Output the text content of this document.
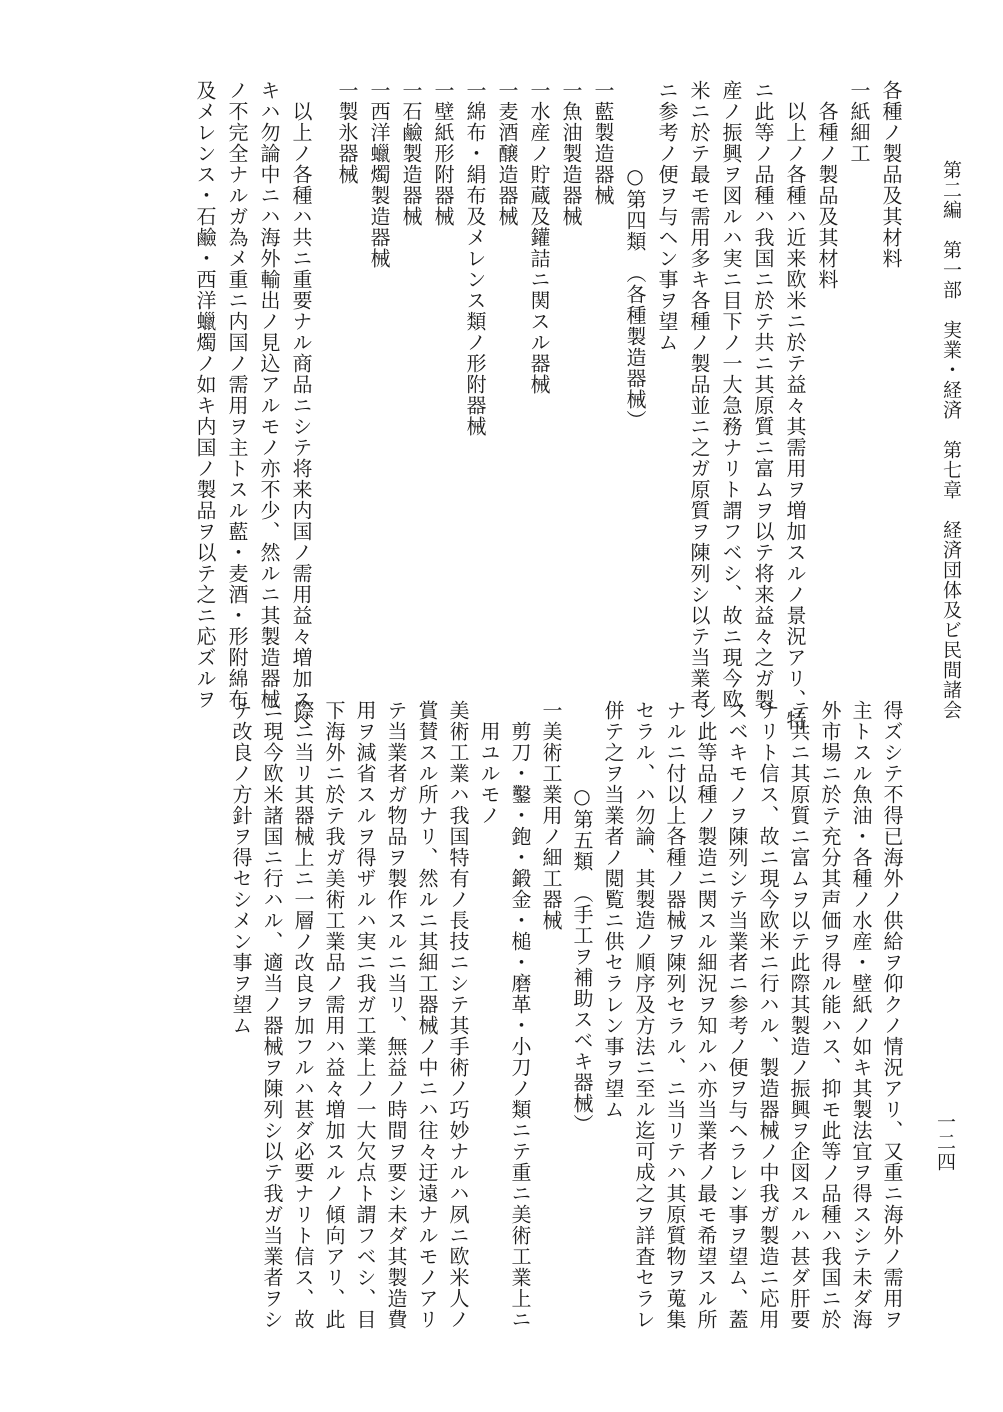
第二編　第一部　実業・経済　第七章　経済団体及ビ民間諸会

各種ノ製品及其材料
一紙細工
　各種ノ製品及其材料
　以上ノ各種ハ近来欧米ニ於テ益々其需用ヲ増加スルノ景況アリ、特
ニ此等ノ品種ハ我国ニ於テ共ニ其原質ニ富ムヲ以テ将来益々之ガ製
産ノ振興ヲ図ルハ実ニ目下ノ一大急務ナリト謂フベシ、故ニ現今欧
米ニ於テ最モ需用多キ各種ノ製品並ニ之ガ原質ヲ陳列シ以テ当業者
ニ参考ノ便ヲ与ヘン事ヲ望ム
　　　　○第四類　（各種製造器械）
一藍製造器械
一魚油製造器械
一水産ノ貯蔵及鑵詰ニ関スル器械
一麦酒醸造器械
一綿布・絹布及メレンス類ノ形附器械
一壁紙形附器械
一石鹼製造器械
一西洋蠟燭製造器械
一製氷器械
　以上ノ各種ハ共ニ重要ナル商品ニシテ将来内国ノ需用益々増加スベ
キハ勿論中ニハ海外輸出ノ見込アルモノ亦不少、然ルニ其製造器械
ノ不完全ナルガ為メ重ニ内国ノ需用ヲ主トスル藍・麦酒・形附綿布
及メレンス・石鹼・西洋蠟燭ノ如キ内国ノ製品ヲ以テ之ニ応ズルヲ
得ズシテ不得已海外ノ供給ヲ仰クノ情況アリ、又重ニ海外ノ需用ヲ
主トスル魚油・各種ノ水産・壁紙ノ如キ其製法宜ヲ得スシテ未ダ海
外市場ニ於テ充分其声価ヲ得ル能ハス、抑モ此等ノ品種ハ我国ニ於
テ共ニ其原質ニ富ムヲ以テ此際其製造ノ振興ヲ企図スルハ甚ダ肝要
ナリト信ス、故ニ現今欧米ニ行ハル、製造器械ノ中我ガ製造ニ応用
スベキモノヲ陳列シテ当業者ニ参考ノ便ヲ与ヘラレン事ヲ望ム、蓋
シ此等品種ノ製造ニ関スル細況ヲ知ルハ亦当業者ノ最モ希望スル所
ナルニ付以上各種ノ器械ヲ陳列セラル、ニ当リテハ其原質物ヲ蒐集
セラル、ハ勿論、其製造ノ順序及方法ニ至ル迄可成之ヲ詳査セラレ
併テ之ヲ当業者ノ閲覧ニ供セラレン事ヲ望ム
　　　　○第五類　（手工ヲ補助スベキ器械）
一美術工業用ノ細工器械
　剪刀・鑿・鉋・鍛金・槌・磨革・小刀ノ類ニテ重ニ美術工業上ニ
　用ユルモノ
美術工業ハ我国特有ノ長技ニシテ其手術ノ巧妙ナルハ夙ニ欧米人ノ
賞賛スル所ナリ、然ルニ其細工器械ノ中ニハ往々迂遠ナルモノアリ
テ当業者ガ物品ヲ製作スルニ当リ、無益ノ時間ヲ要シ未ダ其製造費
用ヲ減省スルヲ得ザルハ実ニ我ガ工業上ノ一大欠点ト謂フベシ、目
下海外ニ於テ我ガ美術工業品ノ需用ハ益々増加スルノ傾向アリ、此
際ニ当リ其器械上ニ一層ノ改良ヲ加フルハ甚ダ必要ナリト信ス、故
ニ現今欧米諸国ニ行ハル、適当ノ器械ヲ陳列シ以テ我ガ当業者ヲシ
テ改良ノ方針ヲ得セシメン事ヲ望ム

一二四
